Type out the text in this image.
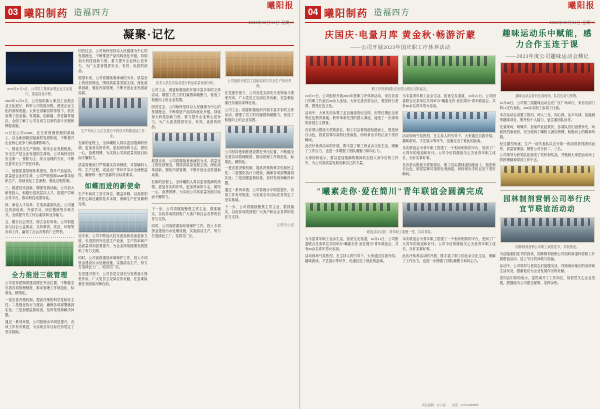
03 曦阳制药 造福四方
曦阳报
2023年10月31日 星期二
凝聚·记忆
2023年11月3日，公司员工集体参观企业文化展厅，重温创业历程。

2023年11月3日，公司组织新入职员工参观企业文化展厅，聆听公司发展历程，感受企业文化的深厚底蕴。大家在讲解员的带领下，依次参观了创业篇、发展篇、创新篇、责任篇等展区，全面了解了公司自成立以来的奋斗历程和辉煌成就。

11月在公司21460，在日常管理管理的基础上，以全新面貌迎接新的发展阶段，不断提升企业核心竞争力和品牌影响力。

一、强化安全生产管理，筑牢企业发展根基。安全生产是企业发展的生命线，公司始终坚持安全第一、预防为主、综合治理的方针，不断完善安全生产责任体系。

二、加强质量管理体系建设，提升产品品质。质量是企业的生命，公司严格按照GMP要求组织生产，持续优化工艺流程，强化过程控制。

三、推进技术创新，增强发展动能。公司加大研发投入，积极引进高层次人才，搭建产学研合作平台，推动科技成果转化。

四、深化人才培养，打造高素质队伍。公司通过内部培训、外部学习、岗位锻炼等多种方式，全面提升员工综合素质和业务能力。

五、履行社会责任，树立良好形象。公司积极参与社会公益事业，支持教育、扶贫、环保等各项工作，赢得了社会各界的广泛赞誉。

全力推进三级管理

公司坚持把制度建设摆在突出位置，不断健全完善各项管理制度，推动管理工作规范化、标准化、精细化。

一是完善决策机制，提高决策的科学性和民主性；二是强化执行力建设，确保各项部署落到实处；三是加强监督检查，及时发现和解决问题。

通过一系列举措，公司管理水平明显提升，各项工作有序推进，为实现全年目标任务奠定了坚实基础。

回首过去，公司始终坚持以人民健康为中心的发展理念，不断推进产品结构优化升级，持续加大科技创新力度，着力提升企业核心竞争力，为广大患者提供安全、有效、优质的药品。

展望未来，公司将继续秉承诚信为本、质量至上的经营理念，围绕高质量发展主线，深化改革创新，强化内部管理，不断开创企业发展新局面。

生产车间工人正在进行中药饮片的精选加工作业。

在新的征程上，全体曦阳人将以更加饱满的热情、更加务实的作风、更加昂扬的斗志，团结一心，奋勇拼搏，为实现公司高质量发展目标而不懈努力。

质量管理部门严格落实各项制度，对原辅料入库、生产过程、成品出厂等环节实行全流程监控，确保每一批产品都符合标准要求。

如蝶而进的新使命

生产车间员工坚守岗位，精益求精，以高度的责任心和过硬的技术本领，保障生产任务顺利完成。

近年来，公司不断加大技术改造和设备更新力度，引进国内外先进生产设备，生产效率和产品质量得到显著提升，为企业持续健康发展提供了有力支撑。

同时，公司高度重视环境保护工作，投入专项资金建设污水处理设施，实施清洁生产，努力打造绿色工厂、花园式厂区。

在党建引领下，公司各党支部充分发挥战斗堡垒作用，广大党员立足岗位作贡献，在急难险重任务面前冲锋在前。

技术人员在实验室进行药品质量检测分析。

公司工会、团委积极组织开展丰富多彩的文体活动，增强了员工的归属感和凝聚力，营造了积极向上的企业氛围。

回首过去，公司始终坚持以人民健康为中心的发展理念，不断推进产品结构优化升级，持续加大科技创新力度，着力提升企业核心竞争力，为广大患者提供安全、有效、优质的药品。

展望未来，公司将继续秉承诚信为本、质量至上的经营理念，围绕高质量发展主线，深化改革创新，强化内部管理，不断开创企业发展新局面。

在新的征程上，全体曦阳人将以更加饱满的热情、更加务实的作风、更加昂扬的斗志，团结一心，奋勇拼搏，为实现公司高质量发展目标而不懈努力。

下一步，公司将继续聚焦主责主业，狠抓落实，以优异成绩回报广大客户和社会各界的信任与支持。

同时，公司高度重视环境保护工作，投入专项资金建设污水处理设施，实施清洁生产，努力打造绿色工厂、花园式厂区。

公司组织开展员工技能培训与安全生产知识考核。

在党建引领下，公司各党支部充分发挥战斗堡垒作用，广大党员立足岗位作贡献，在急难险重任务面前冲锋在前。

公司工会、团委积极组织开展丰富多彩的文体活动，增强了员工的归属感和凝聚力，营造了积极向上的企业氛围。

公司坚持把制度建设摆在突出位置，不断健全完善各项管理制度，推动管理工作规范化、标准化、精细化。

一是完善决策机制，提高决策的科学性和民主性；二是强化执行力建设，确保各项部署落到实处；三是加强监督检查，及时发现和解决问题。

通过一系列举措，公司管理水平明显提升，各项工作有序推进，为实现全年目标任务奠定了坚实基础。

下一步，公司将继续聚焦主责主业，狠抓落实，以优异成绩回报广大客户和社会各界的信任与支持。

文/图 办公室
04 曦阳制药 造福四方
曦阳报
2023年10月31日 星期二
庆国庆·电量月库 黄金秋·畅游沂蒙
——公司开展2023年国庆职工疗休养活动
职工疗休养团队在沂蒙山景区合影留念。

10月17日，公司组织开展2023年度职工疗休养活动，来自各部门的职工代表共40余人参加。大家走进沂蒙山区，观赏秋日美景，感受红色文化。

活动中，大家先后参观了孟良崮战役纪念馆、沂蒙红嫂纪念馆等红色教育基地，聆听革命先烈的感人事迹，接受了一次深刻的爱国主义教育。

在沂蒙山银座天蒙旅游区，职工们沿着栈道拾级而上，饱览秋日山色，欣赏层林尽染的壮美画卷，纷纷拿出手机记录下美好瞬间。

此次疗休养活动的开展，既丰富了职工的业余文化生活，缓解了工作压力，也进一步增强了团队凝聚力和向心力。

大家纷纷表示，要以更加饱满的精神状态投入到今后的工作中，为公司高质量发展贡献自己的力量。

为丰富青年职工业余生活，拓宽交友渠道，10月21日，公司团委联合兄弟单位共同举办"曦素走你·爱在简川"青年联谊会，共有60余名青年男女参加。

活动现场气氛热烈，在主持人的引导下，大家通过自我介绍、趣味游戏、才艺展示等环节，迅速拉近了彼此的距离。

本次联谊会为青年职工搭建了一个相识相知的平台，受到了广大青年的欢迎和好评。公司今后将继续关心关爱青年职工成长，办好实事好事。

在沂蒙山银座天蒙旅游区，职工们沿着栈道拾级而上，饱览秋日山色，欣赏层林尽染的壮美画卷，纷纷拿出手机记录下美好瞬间。

"曦素走你·爱在简川"青年联谊会圆满完成
联谊活动合影：青年职工欢聚一堂，共话青春。

为丰富青年职工业余生活，拓宽交友渠道，10月21日，公司团委联合兄弟单位共同举办"曦素走你·爱在简川"青年联谊会，共有60余名青年男女参加。

活动现场气氛热烈，在主持人的引导下，大家通过自我介绍、趣味游戏、才艺展示等环节，迅速拉近了彼此的距离。

本次联谊会为青年职工搭建了一个相识相知的平台，受到了广大青年的欢迎和好评。公司今后将继续关心关爱青年职工成长，办好实事好事。

此次疗休养活动的开展，既丰富了职工的业余文化生活，缓解了工作压力，也进一步增强了团队凝聚力和向心力。

趣味运动乐中赋能，感力合作玉连于课
——2023年度公司趣味运动会侧记
趣味运动会拔河比赛现场，队员们奋力拼搏。

10月28日，公司第三届趣味运动会在厂区广场举行，来自各部门的12支代表队、200余名职工参加了比赛。

本次运动会设置了拔河、两人三足、同心鼓、运乒乓球、袋鼠跳等趣味项目，既考验个人能力，更注重团队协作。

比赛现场，呐喊声、加油声此起彼伏，参赛队员们奋勇争先，场面热烈而欢快，充分展现了曦阳人团结拼搏、积极向上的精神风貌。

经过激烈角逐，生产一部代表队以总分第一的成绩获得团体冠军，质量管理部、销售公司分获二、三名。

公司领导为获奖队伍颁发了奖杯和奖品，并勉励大家把运动场上的拼搏精神带到工作中去。

园林制剂营销公司举行庆宜节联谊活动动
园林制剂营销公司职工欢度佳节，共叙情谊。

为迎接重阳佳节的到来，园林制剂营销公司组织离退休老职工开展联谊活动，送上节日的问候与祝福。

活动中，公司领导与老同志们促膝交谈，详细询问他们的身体和生活状况，感谢他们为企业发展作出的贡献。

老同志们纷纷表示，虽然离开了工作岗位，但依然关心企业发展，愿继续为公司建言献策、发挥余热。

责任编辑：办公室　　电话：0539-8888888
